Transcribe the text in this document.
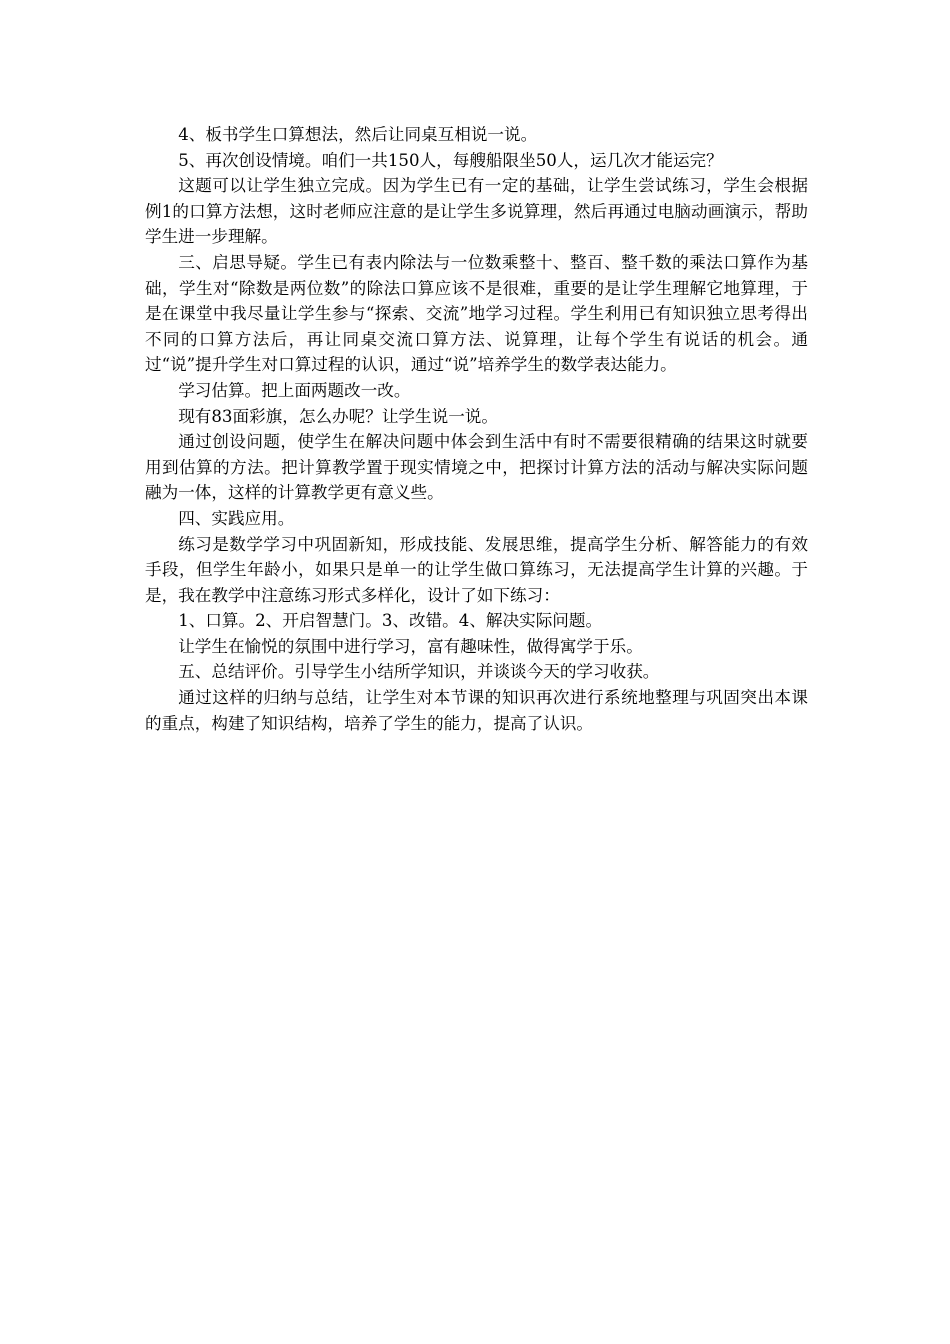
4、板书学生口算想法，然后让同桌互相说一说。

5、再次创设情境。咱们一共150人，每艘船限坐50人，运几次才能运完？

这题可以让学生独立完成。因为学生已有一定的基础，让学生尝试练习，学生会根据例1的口算方法想，这时老师应注意的是让学生多说算理，然后再通过电脑动画演示，帮助学生进一步理解。

三、启思导疑。学生已有表内除法与一位数乘整十、整百、整千数的乘法口算作为基础，学生对“除数是两位数”的除法口算应该不是很难，重要的是让学生理解它地算理，于是在课堂中我尽量让学生参与“探索、交流”地学习过程。学生利用已有知识独立思考得出不同的口算方法后，再让同桌交流口算方法、说算理，让每个学生有说话的机会。通过“说”提升学生对口算过程的认识，通过“说”培养学生的数学表达能力。

学习估算。把上面两题改一改。

现有83面彩旗，怎么办呢？让学生说一说。

通过创设问题，使学生在解决问题中体会到生活中有时不需要很精确的结果这时就要用到估算的方法。把计算教学置于现实情境之中，把探讨计算方法的活动与解决实际问题融为一体，这样的计算教学更有意义些。

四、实践应用。

练习是数学学习中巩固新知，形成技能、发展思维，提高学生分析、解答能力的有效手段，但学生年龄小，如果只是单一的让学生做口算练习，无法提高学生计算的兴趣。于是，我在教学中注意练习形式多样化，设计了如下练习：

1、口算。2、开启智慧门。3、改错。4、解决实际问题。

让学生在愉悦的氛围中进行学习，富有趣味性，做得寓学于乐。

五、总结评价。引导学生小结所学知识，并谈谈今天的学习收获。

通过这样的归纳与总结，让学生对本节课的知识再次进行系统地整理与巩固突出本课的重点，构建了知识结构，培养了学生的能力，提高了认识。
